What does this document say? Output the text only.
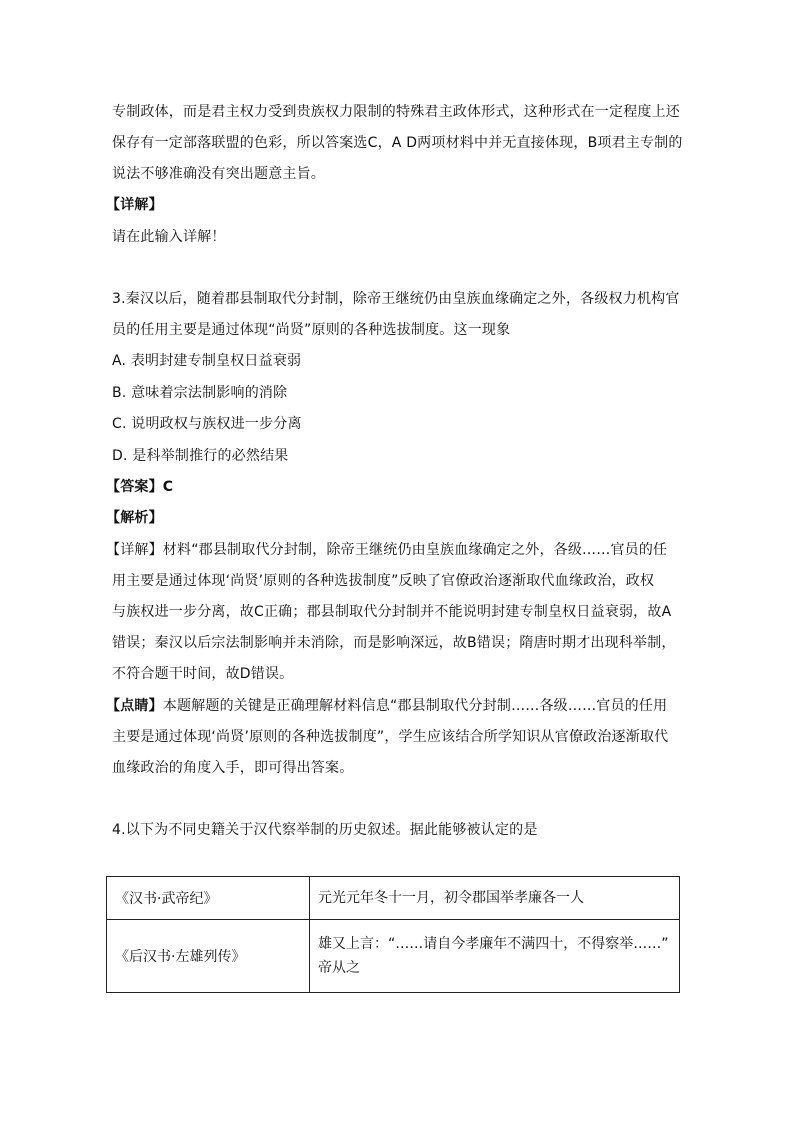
专制政体，而是君主权力受到贵族权力限制的特殊君主政体形式，这种形式在一定程度上还
保存有一定部落联盟的色彩，所以答案选C，A D两项材料中并无直接体现，B项君主专制的
说法不够准确没有突出题意主旨。
【详解】
请在此输入详解！
3.秦汉以后，随着郡县制取代分封制，除帝王继统仍由皇族血缘确定之外，各级权力机构官
员的任用主要是通过体现“尚贤”原则的各种选拔制度。这一现象
A. 表明封建专制皇权日益衰弱
B. 意味着宗法制影响的消除
C. 说明政权与族权进一步分离
D. 是科举制推行的必然结果
【答案】C
【解析】
【详解】材料“郡县制取代分封制，除帝王继统仍由皇族血缘确定之外，各级……官员的任
用主要是通过体现‘尚贤’原则的各种选拔制度”反映了官僚政治逐渐取代血缘政治，政权
与族权进一步分离，故C正确；郡县制取代分封制并不能说明封建专制皇权日益衰弱，故A
错误；秦汉以后宗法制影响并未消除，而是影响深远，故B错误；隋唐时期才出现科举制，
不符合题干时间，故D错误。
【点睛】本题解题的关键是正确理解材料信息“郡县制取代分封制……各级……官员的任用
主要是通过体现‘尚贤’原则的各种选拔制度”，学生应该结合所学知识从官僚政治逐渐取代
血缘政治的角度入手，即可得出答案。
4.以下为不同史籍关于汉代察举制的历史叙述。据此能够被认定的是
《汉书·武帝纪》	元光元年冬十一月，初令郡国举孝廉各一人

《后汉书·左雄列传》	雄又上言：“……请自今孝廉年不满四十，不得察举……”
帝从之
